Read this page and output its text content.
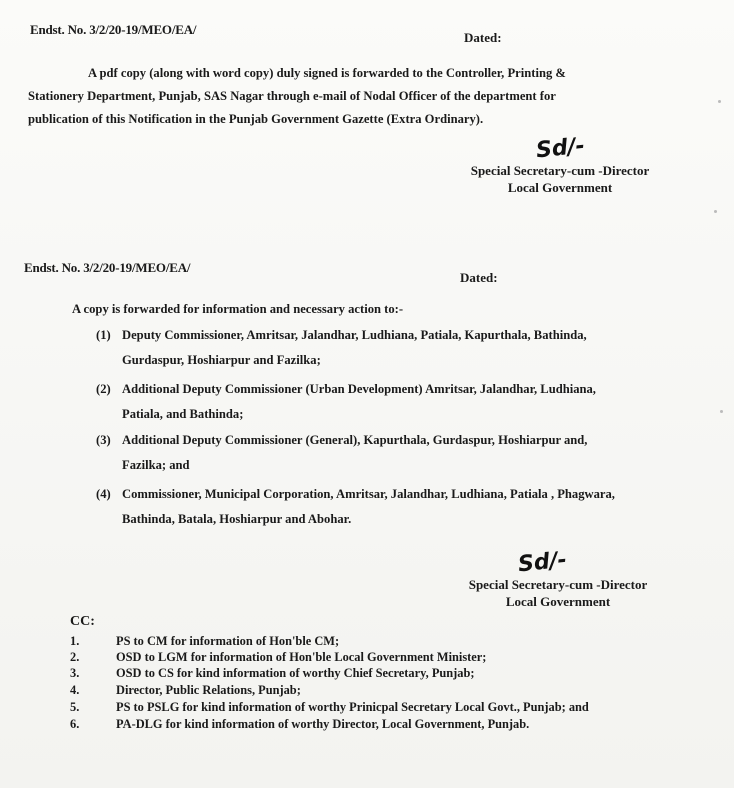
Endst. No. 3/2/20-19/MEO/EA/
Dated:
A pdf copy (along with word copy) duly signed is forwarded to the Controller, Printing &
Stationery Department, Punjab, SAS Nagar through e-mail of Nodal Officer of the department for
publication of this Notification in the Punjab Government Gazette (Extra Ordinary).
Sd/-
Special Secretary-cum -Director
Local Government
Endst. No. 3/2/20-19/MEO/EA/
Dated:
A copy is forwarded for information and necessary action to:-
(1) Deputy Commissioner, Amritsar, Jalandhar, Ludhiana, Patiala, Kapurthala, Bathinda,
Gurdaspur, Hoshiarpur and Fazilka;
(2) Additional Deputy Commissioner (Urban Development) Amritsar, Jalandhar, Ludhiana,
Patiala, and Bathinda;
(3) Additional Deputy Commissioner (General), Kapurthala, Gurdaspur, Hoshiarpur and,
Fazilka; and
(4) Commissioner, Municipal Corporation, Amritsar, Jalandhar, Ludhiana, Patiala , Phagwara,
Bathinda, Batala, Hoshiarpur and Abohar.
Sd/-
Special Secretary-cum -Director
Local Government
CC:
1.	PS to CM for information of Hon'ble CM;
2.	OSD to LGM for information of Hon'ble Local Government Minister;
3.	OSD to CS for kind information of worthy Chief Secretary, Punjab;
4.	Director, Public Relations, Punjab;
5.	PS to PSLG for kind information of worthy Prinicpal Secretary Local Govt., Punjab; and
6.	PA-DLG for kind information of worthy Director, Local Government, Punjab.
